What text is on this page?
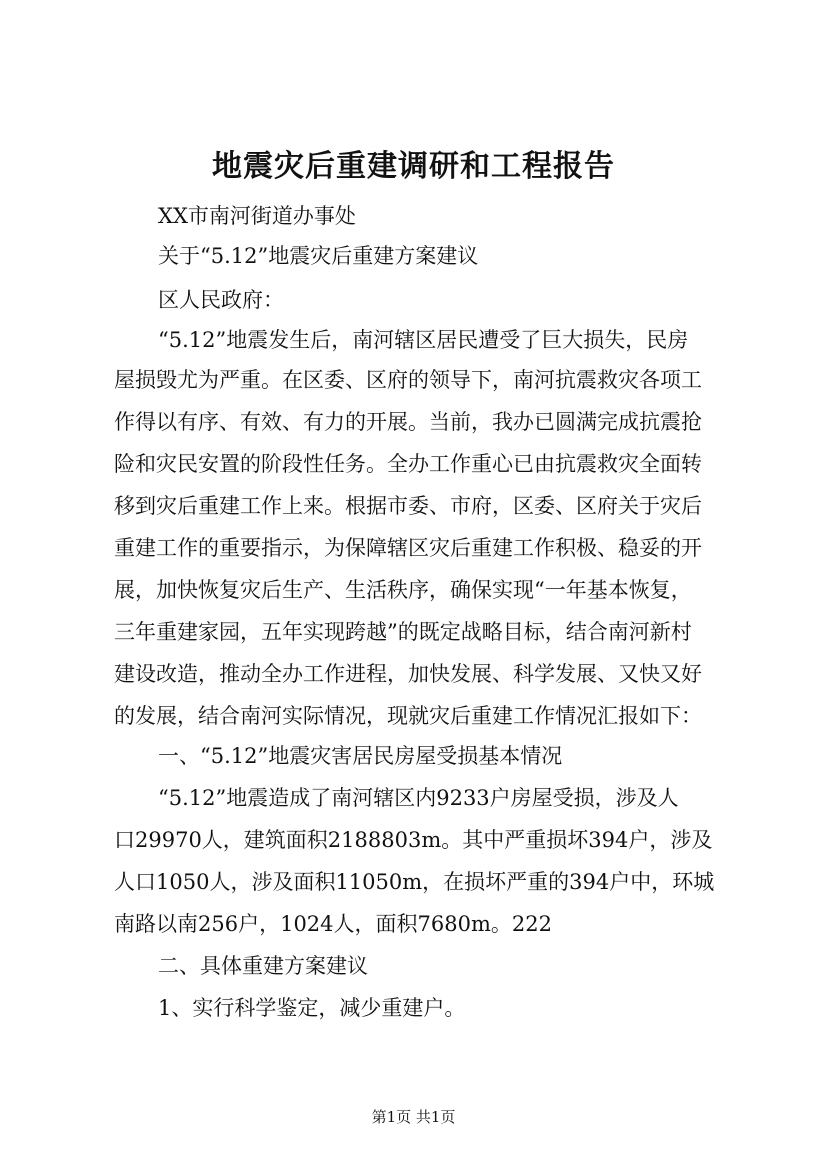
地震灾后重建调研和工程报告
XX市南河街道办事处
关于“5.12”地震灾后重建方案建议
区人民政府：
“5.12”地震发生后，南河辖区居民遭受了巨大损失，民房
屋损毁尤为严重。在区委、区府的领导下，南河抗震救灾各项工
作得以有序、有效、有力的开展。当前，我办已圆满完成抗震抢
险和灾民安置的阶段性任务。全办工作重心已由抗震救灾全面转
移到灾后重建工作上来。根据市委、市府，区委、区府关于灾后
重建工作的重要指示，为保障辖区灾后重建工作积极、稳妥的开
展，加快恢复灾后生产、生活秩序，确保实现“一年基本恢复，
三年重建家园，五年实现跨越”的既定战略目标，结合南河新村
建设改造，推动全办工作进程，加快发展、科学发展、又快又好
的发展，结合南河实际情况，现就灾后重建工作情况汇报如下：
一、“5.12”地震灾害居民房屋受损基本情况
“5.12”地震造成了南河辖区内9233户房屋受损，涉及人
口29970人，建筑面积2188803m。其中严重损坏394户，涉及
人口1050人，涉及面积11050m，在损坏严重的394户中，环城
南路以南256户，1024人，面积7680m。222
二、具体重建方案建议
1、实行科学鉴定，减少重建户。
第1页 共1页
